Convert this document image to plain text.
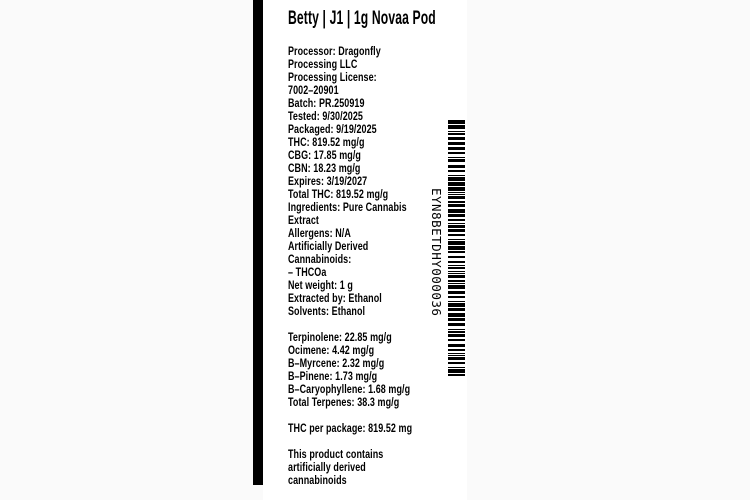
Betty | J1 | 1g Novaa Pod
Processor: Dragonfly
Processing LLC
Processing License:
7002–20901
Batch: PR.250919
Tested: 9/30/2025
Packaged: 9/19/2025
THC: 819.52 mg/g
CBG: 17.85 mg/g
CBN: 18.23 mg/g
Expires: 3/19/2027
Total THC: 819.52 mg/g
Ingredients: Pure Cannabis
Extract
Allergens: N/A
Artificially Derived
Cannabinoids:
– THCOa
Net weight: 1 g
Extracted by: Ethanol
Solvents: Ethanol
Terpinolene: 22.85 mg/g
Ocimene: 4.42 mg/g
B–Myrcene: 2.32 mg/g
B–Pinene: 1.73 mg/g
B–Caryophyllene: 1.68 mg/g
Total Terpenes: 38.3 mg/g
THC per package: 819.52 mg
This product contains
artificially derived
cannabinoids
EYN8BETDHY000036
